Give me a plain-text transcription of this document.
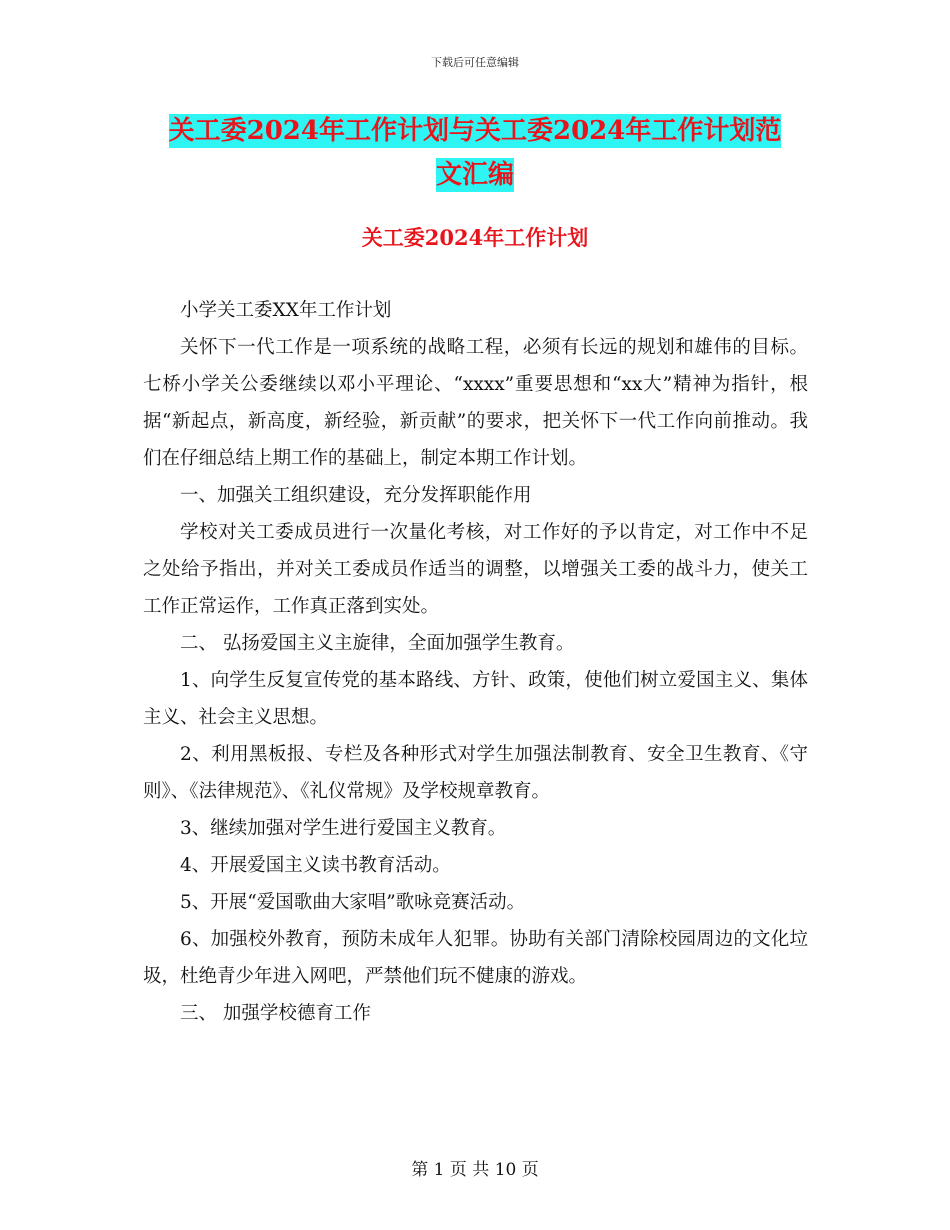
下载后可任意编辑
关工委2024年工作计划与关工委2024年工作计划范
文汇编
关工委2024年工作计划

小学关工委XX年工作计划

关怀下一代工作是一项系统的战略工程，必须有长远的规划和雄伟的目标。七桥小学关公委继续以邓小平理论、“xxxx”重要思想和“xx大”精神为指针，根据“新起点，新高度，新经验，新贡献”的要求，把关怀下一代工作向前推动。我们在仔细总结上期工作的基础上，制定本期工作计划。

一、加强关工组织建设，充分发挥职能作用

学校对关工委成员进行一次量化考核，对工作好的予以肯定，对工作中不足之处给予指出，并对关工委成员作适当的调整，以增强关工委的战斗力，使关工工作正常运作，工作真正落到实处。

二、 弘扬爱国主义主旋律，全面加强学生教育。

1、向学生反复宣传党的基本路线、方针、政策，使他们树立爱国主义、集体主义、社会主义思想。

2、利用黑板报、专栏及各种形式对学生加强法制教育、安全卫生教育、《守则》、《法律规范》、《礼仪常规》及学校规章教育。

3、继续加强对学生进行爱国主义教育。

4、开展爱国主义读书教育活动。

5、开展“爱国歌曲大家唱”歌咏竞赛活动。

6、加强校外教育，预防未成年人犯罪。协助有关部门清除校园周边的文化垃圾，杜绝青少年进入网吧，严禁他们玩不健康的游戏。

三、 加强学校德育工作

第 1 页 共 10 页
